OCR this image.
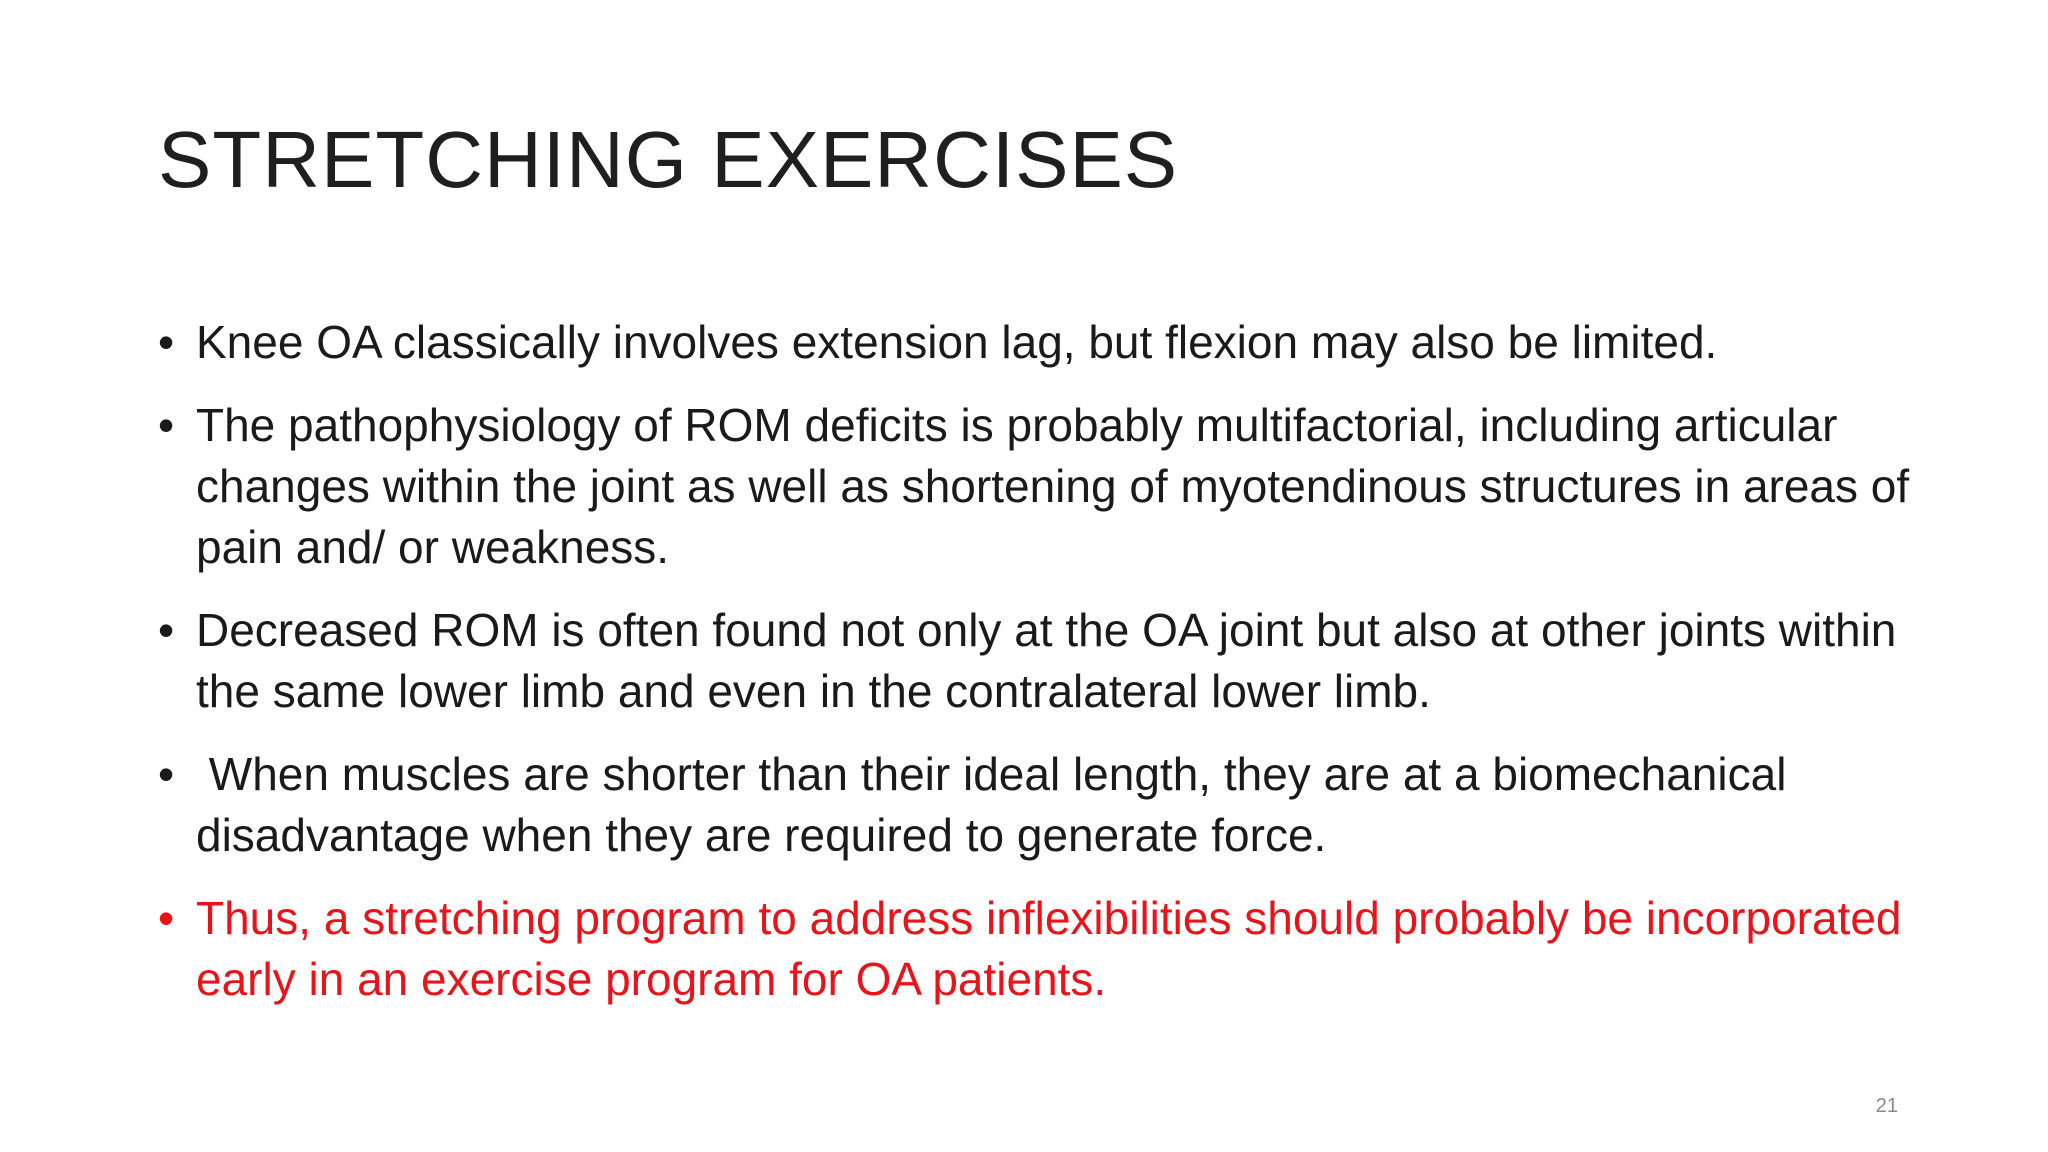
STRETCHING EXERCISES
• Knee OA classically involves extension lag, but flexion may also be limited.
• The pathophysiology of ROM deficits is probably multifactorial, including articular changes within the joint as well as shortening of myotendinous structures in areas of pain and/ or weakness.
• Decreased ROM is often found not only at the OA joint but also at other joints within the same lower limb and even in the contralateral lower limb.
• When muscles are shorter than their ideal length, they are at a biomechanical disadvantage when they are required to generate force.
• Thus, a stretching program to address inflexibilities should probably be incorporated early in an exercise program for OA patients.
21
